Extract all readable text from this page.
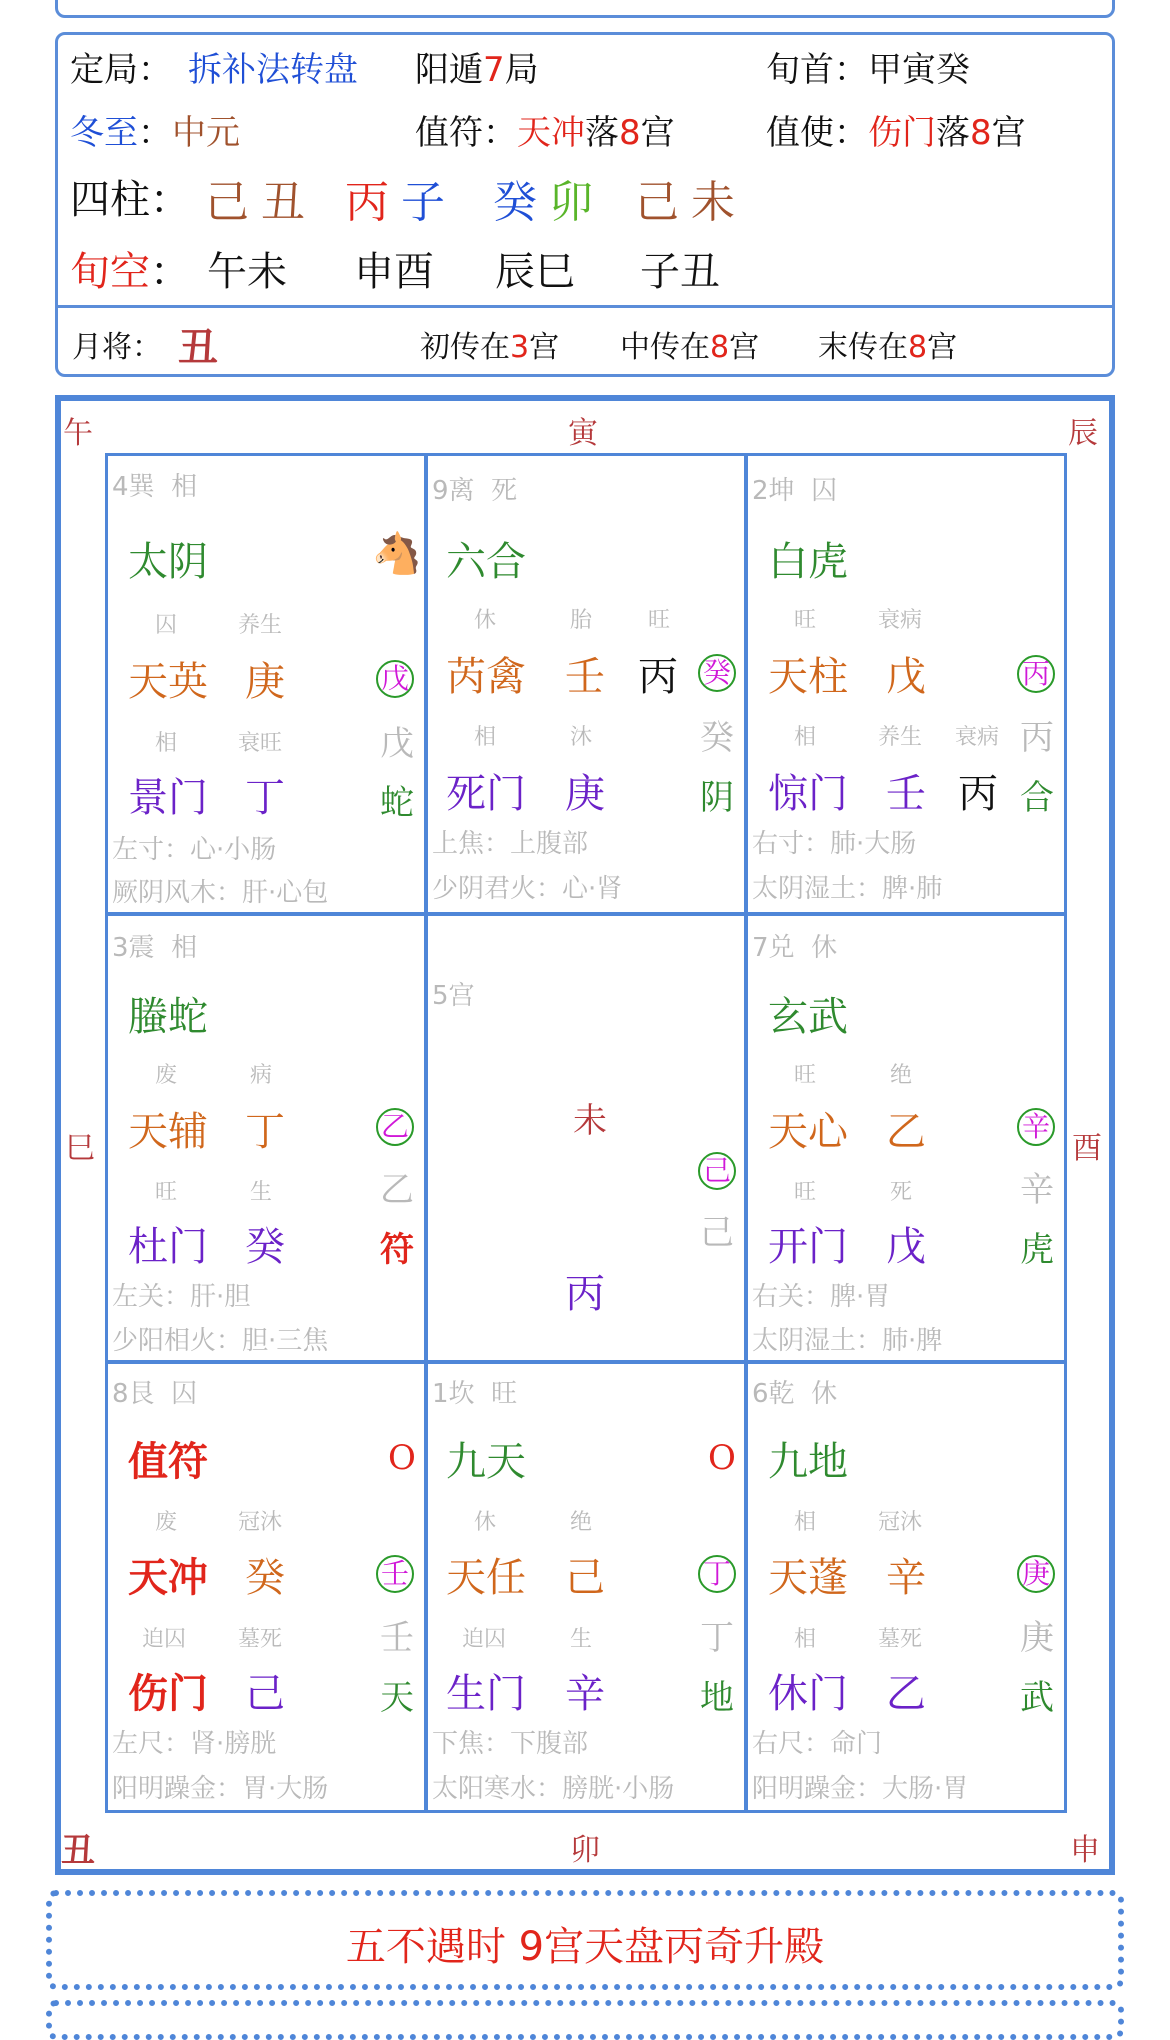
定局： 拆补法转盘 阳遁7局	旬首：甲寅癸
冬至：中元	值符：天冲落8宫	值使：伤门落8宫
四柱： 己丑 丙子 癸卯 己未
旬空： 午未 申酉 辰巳 子丑
月将： 丑	初传在3宫 中传在8宫 末传在8宫
午	寅	辰
巳	酉
丑	卯	申
4巽 相
太阴	🐴
囚	养生
天英 庚	戊
戊
相	衰旺
景门 丁	蛇
左寸：心·小肠
厥阴风木：肝·心包
9离 死
六合
休	胎	旺
芮禽 壬 丙 癸
癸
相	沐
死门 庚	阴
上焦：上腹部
少阴君火：心·肾
2坤 囚
白虎
旺	衰病
天柱 戊	丙
丙
相	养生 衰病
惊门 壬 丙 合
右寸：肺·大肠
太阴湿土：脾·肺
3震 相
螣蛇
废	病
天辅 丁	乙
乙
旺	生
杜门 癸	符
左关：肝·胆
少阳相火：胆·三焦
5宫
未
己
己
丙
7兑 休
玄武
旺	绝
天心 乙	辛
辛
旺	死
开门 戊	虎
右关：脾·胃
太阴湿土：肺·脾
8艮 囚
值符	O
废	冠沐
天冲 癸	壬
壬
迫囚 墓死
伤门 己	天
左尺：肾·膀胱
阳明躁金：胃·大肠
1坎 旺
九天	O
休	绝
天任 己	丁
丁
迫囚	生
生门 辛	地
下焦：下腹部
太阳寒水：膀胱·小肠
6乾 休
九地
相	冠沐
天蓬 辛	庚
庚
相	墓死
休门 乙	武
右尺：命门
阳明躁金：大肠·胃
五不遇时 9宫天盘丙奇升殿
